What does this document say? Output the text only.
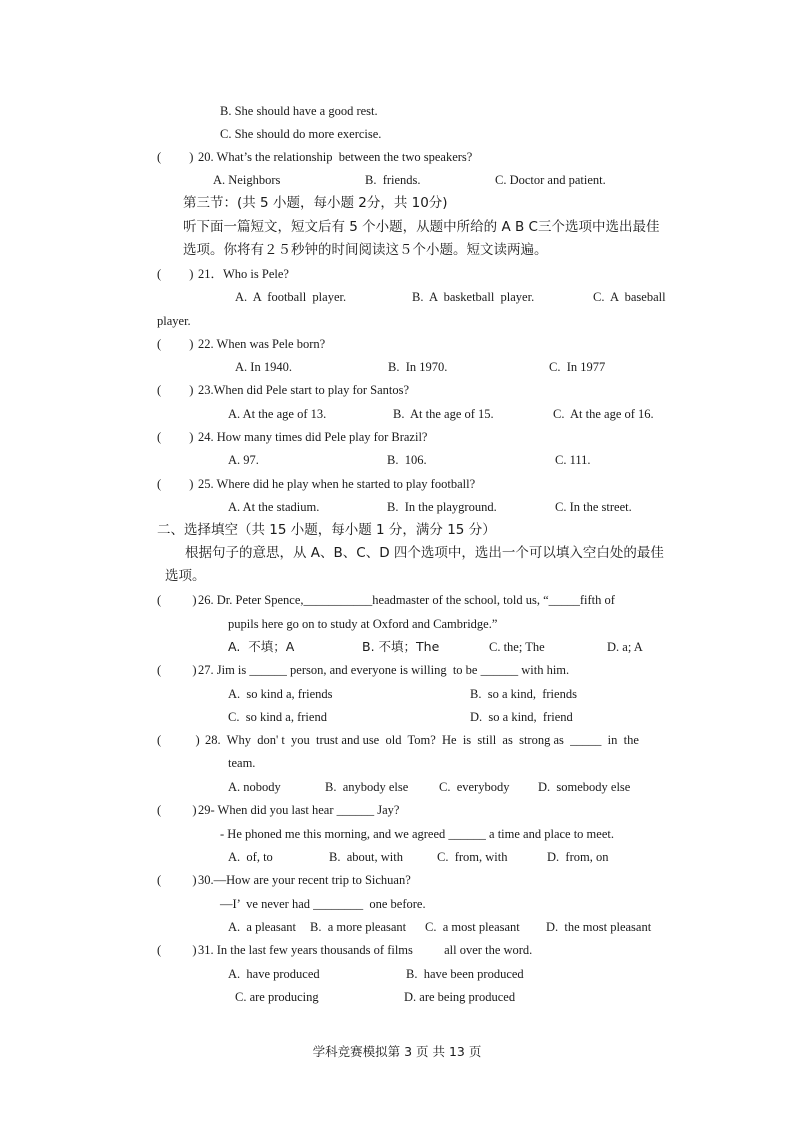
B. She should have a good rest.
C. She should do more exercise.
(         ) 20. What’s the relationship  between the two speakers?
A. Neighbors	B.  friends.	C. Doctor and patient.
第三节：(共 5 小题，每小题 2分，共 10分)
听下面一篇短文，短文后有 5 个小题，从题中所给的 A B C三个选项中选出最佳
选项。你将有２５秒钟的时间阅读这５个小题。短文读两遍。
(         ) 21．Who is Pele?
A.  A  football  player.	B.  A  basketball  player.	C.  A  baseball
player.
(         ) 22. When was Pele born?
A. In 1940.	B.  In 1970.	C.  In 1977
(         ) 23.When did Pele start to play for Santos?
A. At the age of 13.	B.  At the age of 15.	C.  At the age of 16.
(         ) 24. How many times did Pele play for Brazil?
A. 97.	B.  106.	C. 111.
(         ) 25. Where did he play when he started to play football?
A. At the stadium.	B.  In the playground.	C. In the street.
二、选择填空（共 15 小题，每小题 1 分，满分 15 分）
根据句子的意思，从 A、B、C、D 四个选项中，选出一个可以填入空白处的最佳
选项。
(          ) 26. Dr. Peter Spence,___________headmaster of the school, told us, “_____fifth of
pupils here go on to study at Oxford and Cambridge.”
A.  不填；A	B. 不填；The	C. the; The	D. a; A
(          ) 27. Jim is ______ person, and everyone is willing  to be ______ with him.
A.  so kind a, friends	B.  so a kind,  friends
C.  so kind a, friend	D.  so a kind,  friend
(           ) 28.  Why  don' t  you  trust and use  old  Tom?  He  is  still  as  strong as  _____  in  the
team.
A. nobody	B.  anybody else C.  everybody D.  somebody else
(          ) 29- When did you last hear ______ Jay?
- He phoned me this morning, and we agreed ______ a time and place to meet.
A.  of, to	B.  about, with	C.  from, with	D.  from, on
(          ) 30.—How are your recent trip to Sichuan?
—I’  ve never had ________  one before.
A.  a pleasant B.  a more pleasant C.  a most pleasant D.  the most pleasant
(          ) 31. In the last few years thousands of films          all over the word.
A.  have produced	B.  have been produced
C. are producing	D. are being produced
学科竞赛模拟第 3 页 共 13 页
